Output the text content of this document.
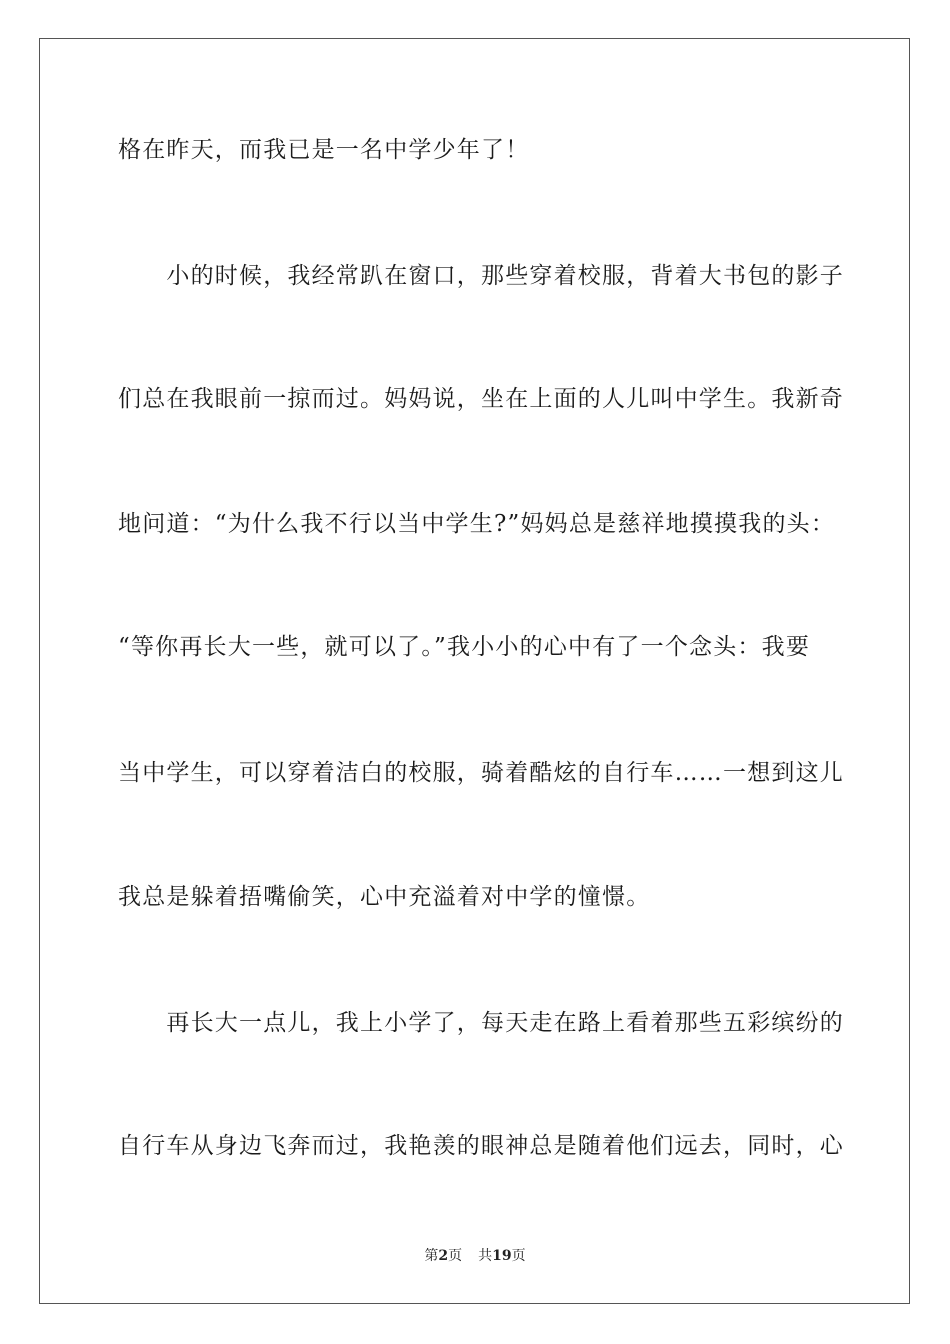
格在昨天，而我已是一名中学少年了！
　　小的时候，我经常趴在窗口，那些穿着校服，背着大书包的影子
们总在我眼前一掠而过。妈妈说，坐在上面的人儿叫中学生。我新奇
地问道：“为什么我不行以当中学生?”妈妈总是慈祥地摸摸我的头：
“等你再长大一些，就可以了。”我小小的心中有了一个念头：我要
当中学生，可以穿着洁白的校服，骑着酷炫的自行车……一想到这儿
我总是躲着捂嘴偷笑，心中充溢着对中学的憧憬。
　　再长大一点儿，我上小学了，每天走在路上看着那些五彩缤纷的
自行车从身边飞奔而过，我艳羡的眼神总是随着他们远去，同时，心
第2页 共19页
